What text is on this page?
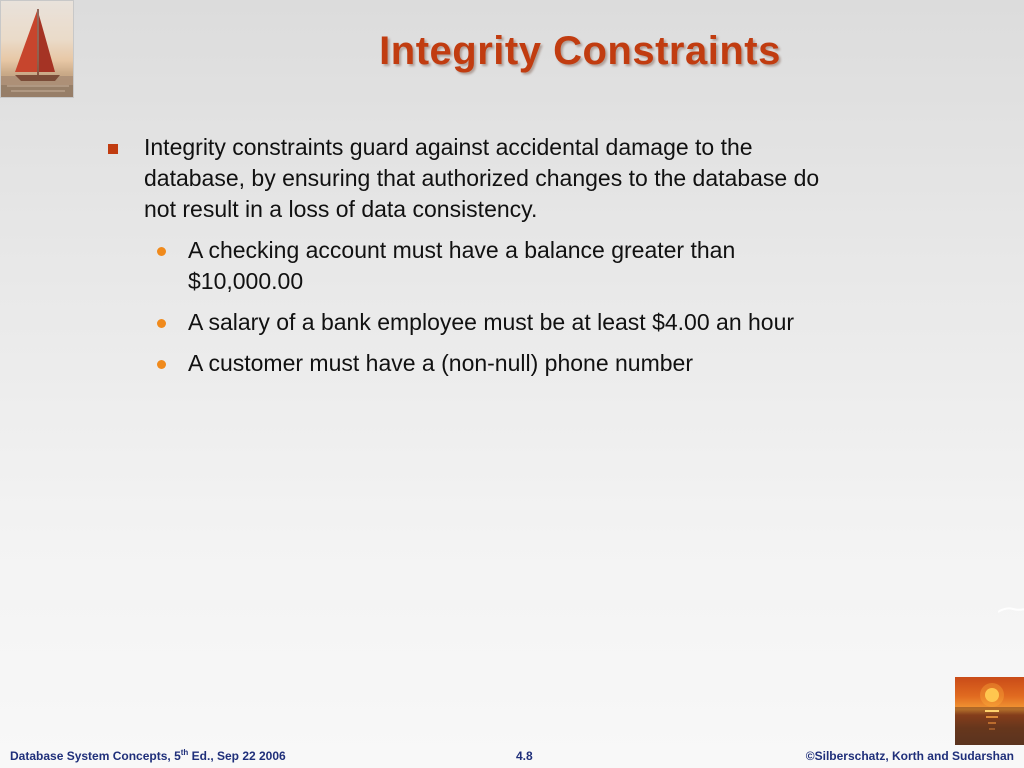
Integrity Constraints
Integrity constraints guard against accidental damage to the database, by ensuring that authorized changes to the database do not result in a loss of data consistency.
A checking account must have a balance greater than $10,000.00
A salary of a bank employee must be at least $4.00 an hour
A customer must have a (non-null) phone number
Database System Concepts, 5th Ed., Sep 22 2006	4.8	©Silberschatz, Korth and Sudarshan
